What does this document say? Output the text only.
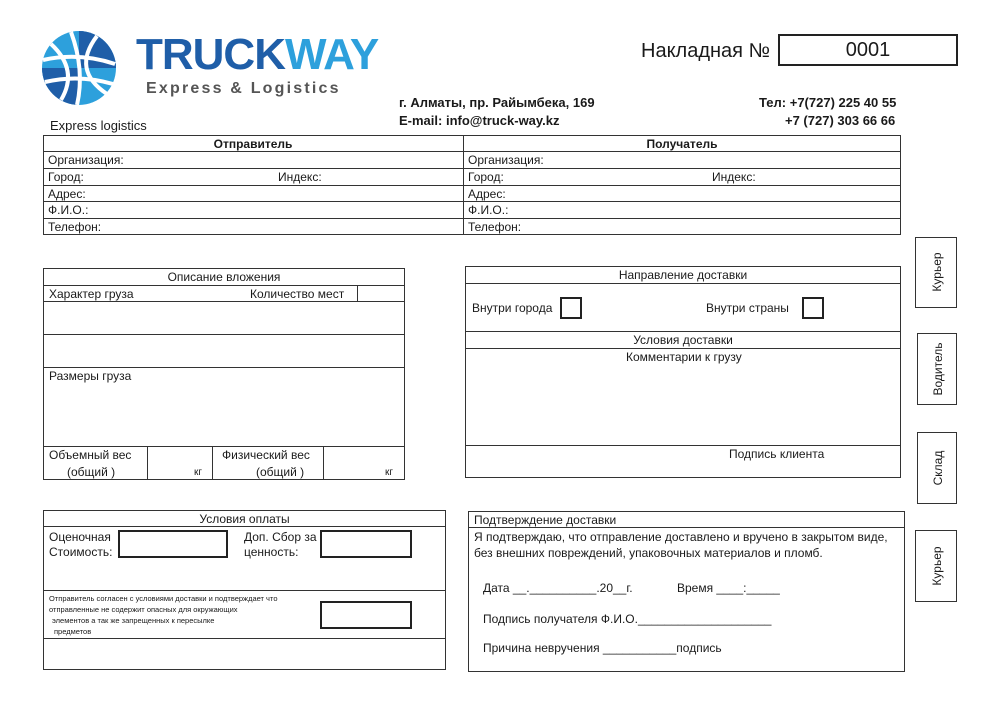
TRUCKWAY
Express & Logistics
Накладная №	0001
г. Алматы, пр. Райымбека, 169
E-mail: info@truck-way.kz
Тел: +7(727) 225 40 55
+7 (727) 303 66 66
Express logistics
Отправитель
Организация:
Город:	Индекс:
Адрес:
Ф.И.О.:
Телефон:
Получатель
Организация:
Город:	Индекс:
Адрес:
Ф.И.О.:
Телефон:
Описание вложения
Характер груза	Количество мест
Размеры груза
Объемный вес
(общий )	кг
Физический вес
(общий )	кг
Направление доставки
Внутри города	Внутри страны
Условия доставки
Комментарии к грузу
Подпись клиента
Условия оплаты
Оценочная
Стоимость:
Доп. Сбор за
ценность:
Отправитель согласен с условиями доставки и подтверждает что
отправленные не содержит опасных для окружающих
элементов а так же запрещенных к пересылке
предметов
Подтверждение доставки
Я подтверждаю, что отправление доставлено и вручено в закрытом виде,
без внешних повреждений, упаковочных материалов и пломб.
Дата __.__________.20__г.	Время ____:_____
Подпись получателя Ф.И.О.____________________
Причина невручения ___________подпись
Курьер
Водитель
Склад
Курьер
